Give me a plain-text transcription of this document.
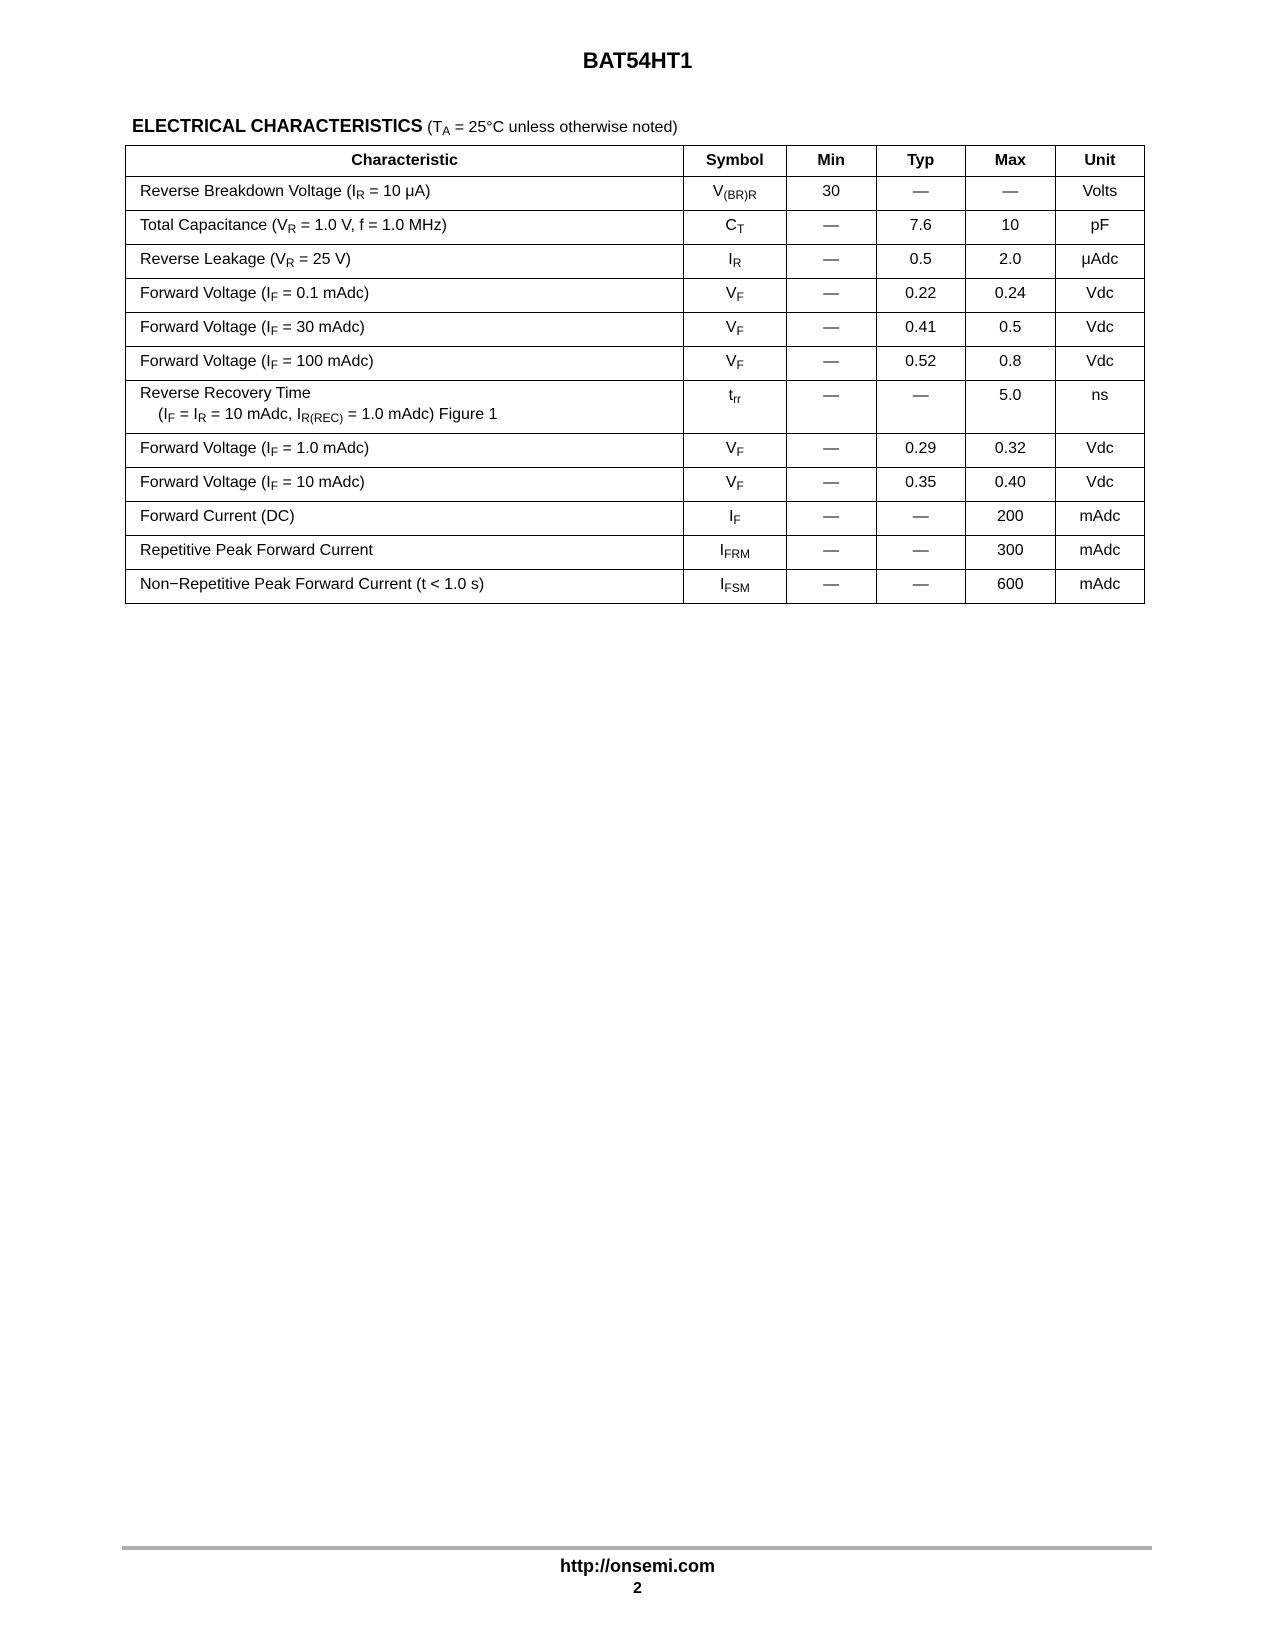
BAT54HT1
ELECTRICAL CHARACTERISTICS ($T_A = 25^\circ C$ unless otherwise noted)
Characteristic	Symbol	Min	Typ	Max	Unit
Reverse Breakdown Voltage ($I_R = 10$ μA)	$V_{(BR)R}$	30	—	—	Volts
Total Capacitance ($V_R = 1.0$ V, f = 1.0 MHz)	$C_T$	—	7.6	10	pF
Reverse Leakage ($V_R = 25$ V)	$I_R$	—	0.5	2.0	μAdc
Forward Voltage ($I_F = 0.1$ mAdc)	$V_F$	—	0.22	0.24	Vdc
Forward Voltage ($I_F = 30$ mAdc)	$V_F$	—	0.41	0.5	Vdc
Forward Voltage ($I_F = 100$ mAdc)	$V_F$	—	0.52	0.8	Vdc

Reverse Recovery Time
($I_F = I_R = 10$ mAdc, $I_{R(REC)} = 1.0$ mAdc) Figure 1	$t_{rr}$	—	—	5.0	ns
Forward Voltage ($I_F = 1.0$ mAdc)	$V_F$	—	0.29	0.32	Vdc
Forward Voltage ($I_F = 10$ mAdc)	$V_F$	—	0.35	0.40	Vdc
Forward Current (DC)	$I_F$	—	—	200	mAdc
Repetitive Peak Forward Current	$I_{FRM}$	—	—	300	mAdc
Non−Repetitive Peak Forward Current (t < 1.0 s)	$I_{FSM}$	—	—	600	mAdc
http://onsemi.com
2
